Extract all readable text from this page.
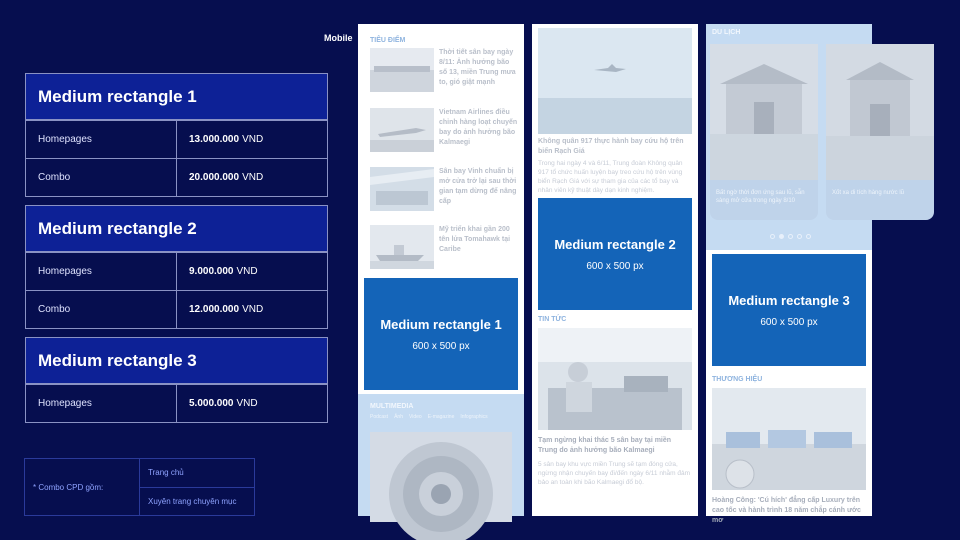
Mobile
Medium rectangle 1
Homepages	13.000.000 VND
Combo	20.000.000 VND
Medium rectangle 2
Homepages	9.000.000 VND
Combo	12.000.000 VND
Medium rectangle 3
Homepages	5.000.000 VND
* Combo CPD gồm:
Trang chủ
Xuyên trang chuyên mục
TIÊU ĐIỂM
Thời tiết sân bay ngày 8/11: Ảnh hưởng bão số 13, miền Trung mưa to, gió giật mạnh
Vietnam Airlines điều chỉnh hàng loạt chuyến bay do ảnh hưởng bão Kalmaegi
Sân bay Vinh chuẩn bị mở cửa trở lại sau thời gian tạm dừng để nâng cấp
Mỹ triển khai gần 200 tên lửa Tomahawk tại Caribe
Medium rectangle 1
600 x 500 px
MULTIMEDIA
Podcast Ảnh Video E-magazine Infographics
Không quân 917 thực hành bay cứu hộ trên biển Rạch Giá
Trong hai ngày 4 và 6/11, Trung đoàn Không quân 917 tổ chức huấn luyện bay treo cứu hộ trên vùng biển Rạch Giá với sự tham gia của các tổ bay và nhân viên kỹ thuật dày dạn kinh nghiệm.
Medium rectangle 2
600 x 500 px
TIN TỨC
Tạm ngừng khai thác 5 sân bay tại miền Trung do ảnh hưởng bão Kalmaegi
5 sân bay khu vực miền Trung sẽ tạm đóng cửa, ngừng nhận chuyến bay đi/đến ngày 6/11 nhằm đảm bảo an toàn khi bão Kalmaegi đổ bộ.
DU LỊCH
Bất ngờ thời đơn ứng sau lũ, sẵn sàng mở cửa trong ngày 8/10
Xốt xa di tích hàng nước lũ
Medium rectangle 3
600 x 500 px
THƯƠNG HIỆU
Hoàng Công: 'Cú hích' đẳng cấp Luxury trên cao tốc và hành trình 18 năm chắp cánh ước mơ
